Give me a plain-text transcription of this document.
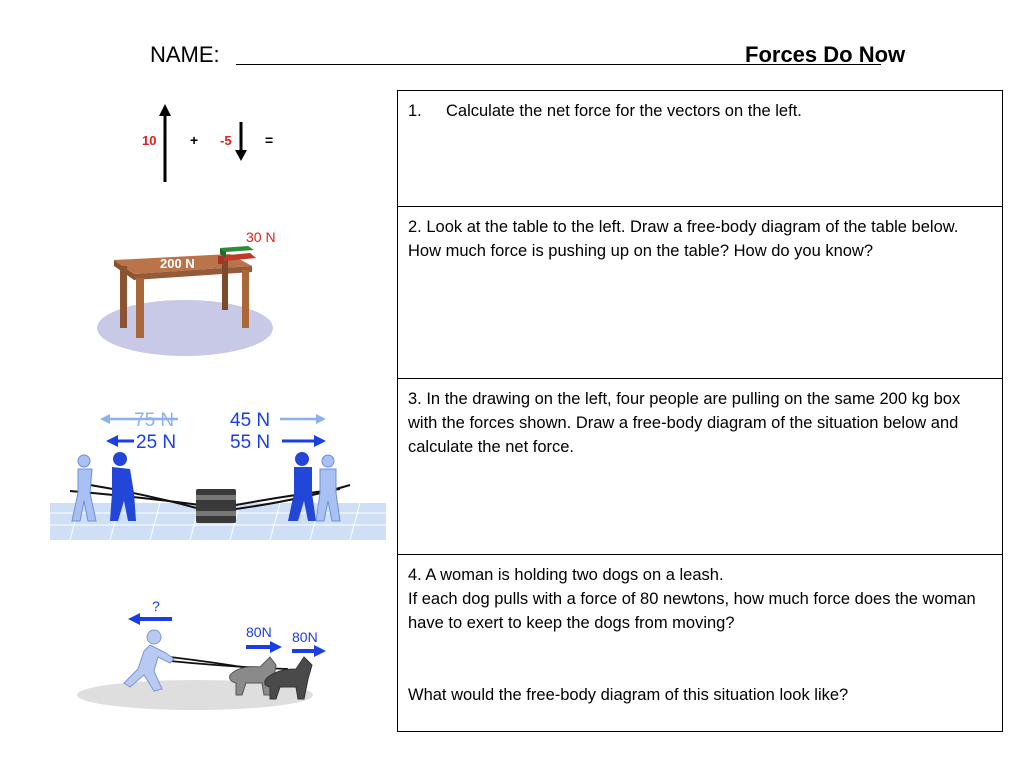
NAME:	Forces Do Now
10 + -5 =
200 N
30 N
75 N
25 N
45 N
55 N
?
80N 80N
1. Calculate the net force for the vectors on the left.
2. Look at the table to the left. Draw a free-body diagram of the table below. How much force is pushing up on the table? How do you know?
3. In the drawing on the left, four people are pulling on the same 200 kg box with the forces shown. Draw a free-body diagram of the situation below and calculate the net force.

4. A woman is holding two dogs on a leash.
If each dog pulls with a force of 80 newtons, how much force does the woman have to exert to keep the dogs from moving?
What would the free-body diagram of this situation look like?
